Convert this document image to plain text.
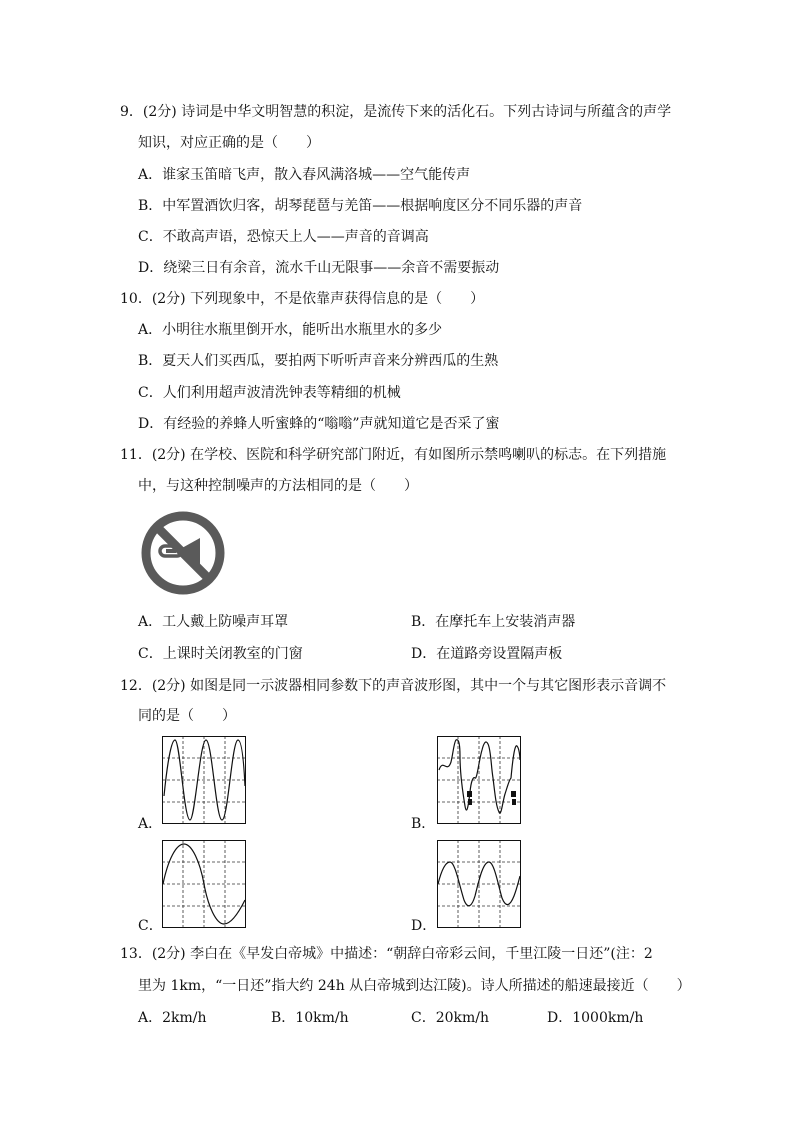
9．(2分) 诗词是中华文明智慧的积淀，是流传下来的活化石。下列古诗词与所蕴含的声学
知识，对应正确的是（　　）
A．谁家玉笛暗飞声，散入春风满洛城——空气能传声
B．中军置酒饮归客，胡琴琵琶与羌笛——根据响度区分不同乐器的声音
C．不敢高声语，恐惊天上人——声音的音调高
D．绕梁三日有余音，流水千山无限事——余音不需要振动
10．(2分) 下列现象中，不是依靠声获得信息的是（　　）
A．小明往水瓶里倒开水，能听出水瓶里水的多少
B．夏天人们买西瓜，要拍两下听听声音来分辨西瓜的生熟
C．人们利用超声波清洗钟表等精细的机械
D．有经验的养蜂人听蜜蜂的“嗡嗡”声就知道它是否采了蜜
11．(2分) 在学校、医院和科学研究部门附近，有如图所示禁鸣喇叭的标志。在下列措施
中，与这种控制噪声的方法相同的是（　　）
A．工人戴上防噪声耳罩	B．在摩托车上安装消声器
C．上课时关闭教室的门窗	D．在道路旁设置隔声板
12．(2分) 如图是同一示波器相同参数下的声音波形图，其中一个与其它图形表示音调不
同的是（　　）
A．	B．
C．	D．
13．(2分) 李白在《早发白帝城》中描述：“朝辞白帝彩云间，千里江陵一日还”(注：2
里为 1km，“一日还”指大约 24h 从白帝城到达江陵)。诗人所描述的船速最接近（　　）
A．2km/h	B．10km/h	C．20km/h	D．1000km/h
